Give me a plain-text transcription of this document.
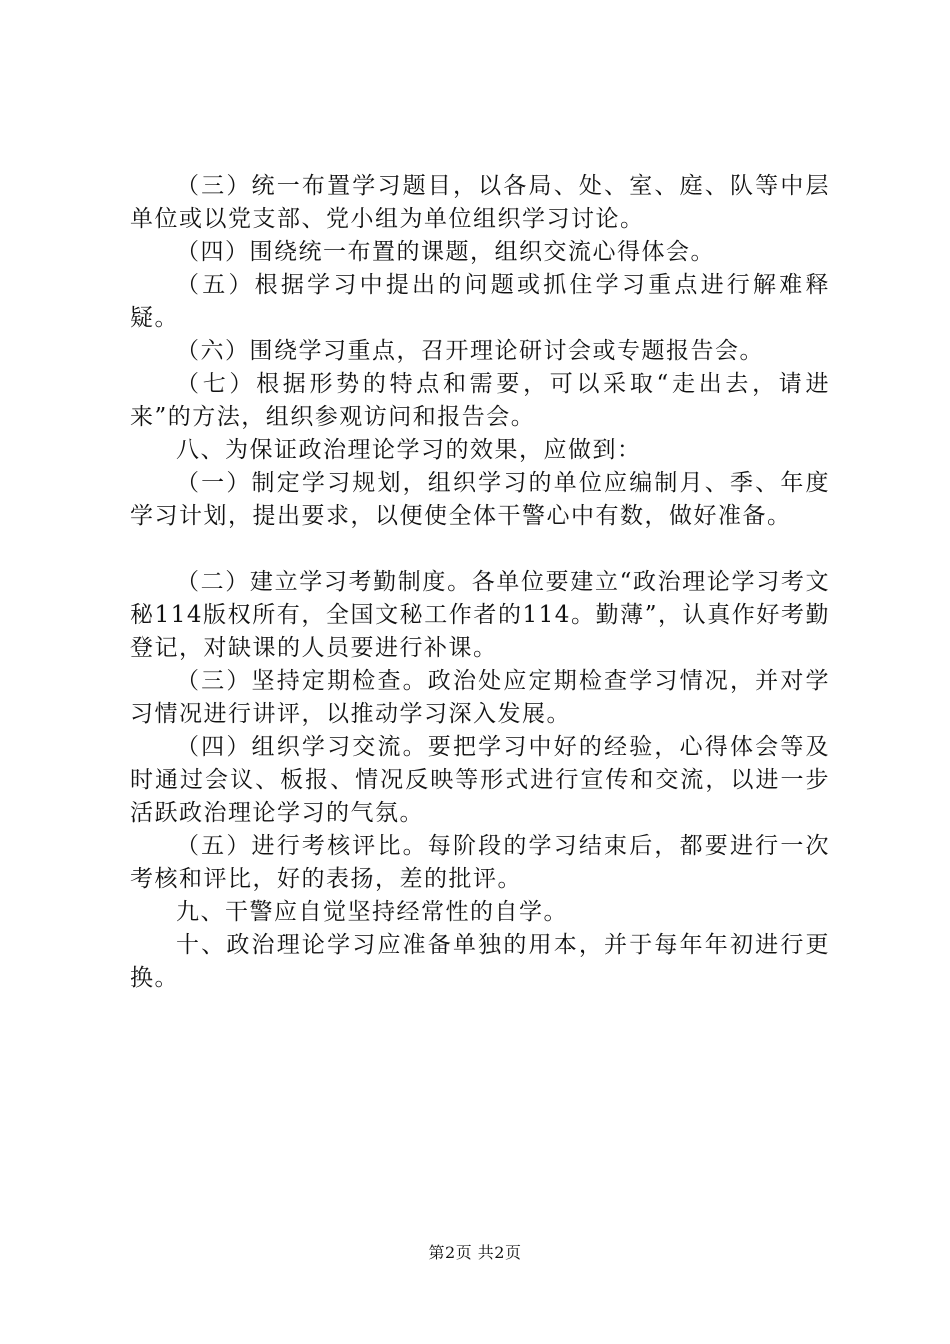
（三）统一布置学习题目，以各局、处、室、庭、队等中层单位或以党支部、党小组为单位组织学习讨论。

（四）围绕统一布置的课题，组织交流心得体会。

（五）根据学习中提出的问题或抓住学习重点进行解难释疑。

（六）围绕学习重点，召开理论研讨会或专题报告会。

（七）根据形势的特点和需要，可以采取“走出去，请进来”的方法，组织参观访问和报告会。

八、为保证政治理论学习的效果，应做到：

（一）制定学习规划，组织学习的单位应编制月、季、年度学习计划，提出要求，以便使全体干警心中有数，做好准备。

（二）建立学习考勤制度。各单位要建立“政治理论学习考文秘114版权所有，全国文秘工作者的114。勤薄”，认真作好考勤登记，对缺课的人员要进行补课。

（三）坚持定期检查。政治处应定期检查学习情况，并对学习情况进行讲评，以推动学习深入发展。

（四）组织学习交流。要把学习中好的经验，心得体会等及时通过会议、板报、情况反映等形式进行宣传和交流，以进一步活跃政治理论学习的气氛。

（五）进行考核评比。每阶段的学习结束后，都要进行一次考核和评比，好的表扬，差的批评。

九、干警应自觉坚持经常性的自学。

十、政治理论学习应准备单独的用本，并于每年年初进行更换。

第2页 共2页
